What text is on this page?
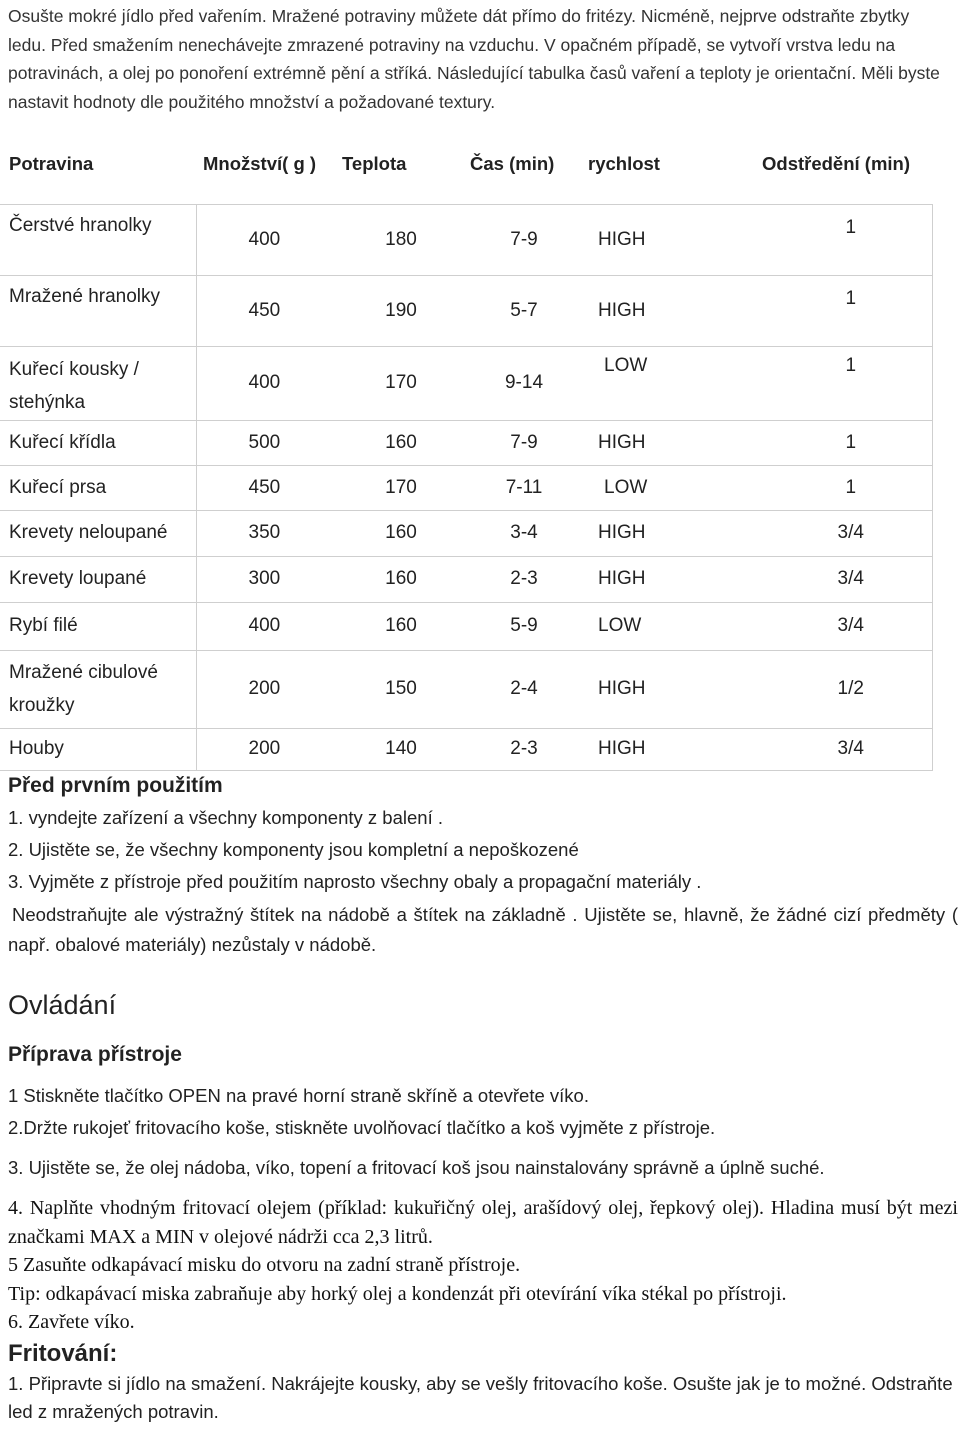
Osušte mokré jídlo před vařením. Mražené potraviny můžete dát přímo do fritézy. Nicméně, nejprve odstraňte zbytky ledu. Před smažením nenechávejte zmrazené potraviny na vzduchu. V opačném případě, se vytvoří vrstva ledu na potravinách, a olej po ponoření extrémně pění a stříká. Následující tabulka časů vaření a teploty je orientační. Měli byste nastavit hodnoty dle použitého množství a požadované textury.
Potravina	Množství( g )	Teplota	Čas (min)	rychlost	Odstředění (min)

Čerstvé hranolky	400	180	7-9	HIGH	1
Mražené hranolky	450	190	5-7	HIGH	1
Kuřecí kousky / stehýnka	400	170	9-14	LOW	1
Kuřecí křídla	500	160	7-9	HIGH	1
Kuřecí prsa	450	170	7-11	LOW	1
Krevety neloupané	350	160	3-4	HIGH	3/4
Krevety loupané	300	160	2-3	HIGH	3/4
Rybí filé	400	160	5-9	LOW	3/4
Mražené cibulové kroužky	200	150	2-4	HIGH	1/2
Houby	200	140	2-3	HIGH	3/4
Před prvním použitím
1. vyndejte zařízení a všechny komponenty z balení .
2. Ujistěte se, že všechny komponenty jsou kompletní a nepoškozené
3. Vyjměte z přístroje před použitím naprosto všechny obaly a propagační materiály .
Neodstraňujte ale výstražný štítek na nádobě a štítek na základně . Ujistěte se, hlavně, že žádné cizí předměty ( např. obalové materiály) nezůstaly v nádobě.
Ovládání
Příprava přístroje
1 Stiskněte tlačítko OPEN na pravé horní straně skříně a otevřete víko.
2.Držte rukojeť fritovacího koše, stiskněte uvolňovací tlačítko a koš vyjměte z přístroje.
3. Ujistěte se, že olej nádoba, víko, topení a fritovací koš jsou nainstalovány správně a úplně suché.
4. Naplňte vhodným fritovací olejem (příklad: kukuřičný olej, arašídový olej, řepkový olej). Hladina musí být mezi značkami MAX a MIN v olejové nádrži cca 2,3 litrů.
5 Zasuňte odkapávací misku do otvoru na zadní straně přístroje.
Tip: odkapávací miska zabraňuje aby horký olej a kondenzát při otevírání víka stékal po přístroji.
6. Zavřete víko.
Fritování:
1. Připravte si jídlo na smažení. Nakrájejte kousky, aby se vešly fritovacího koše. Osušte jak je to možné. Odstraňte led z mražených potravin.
